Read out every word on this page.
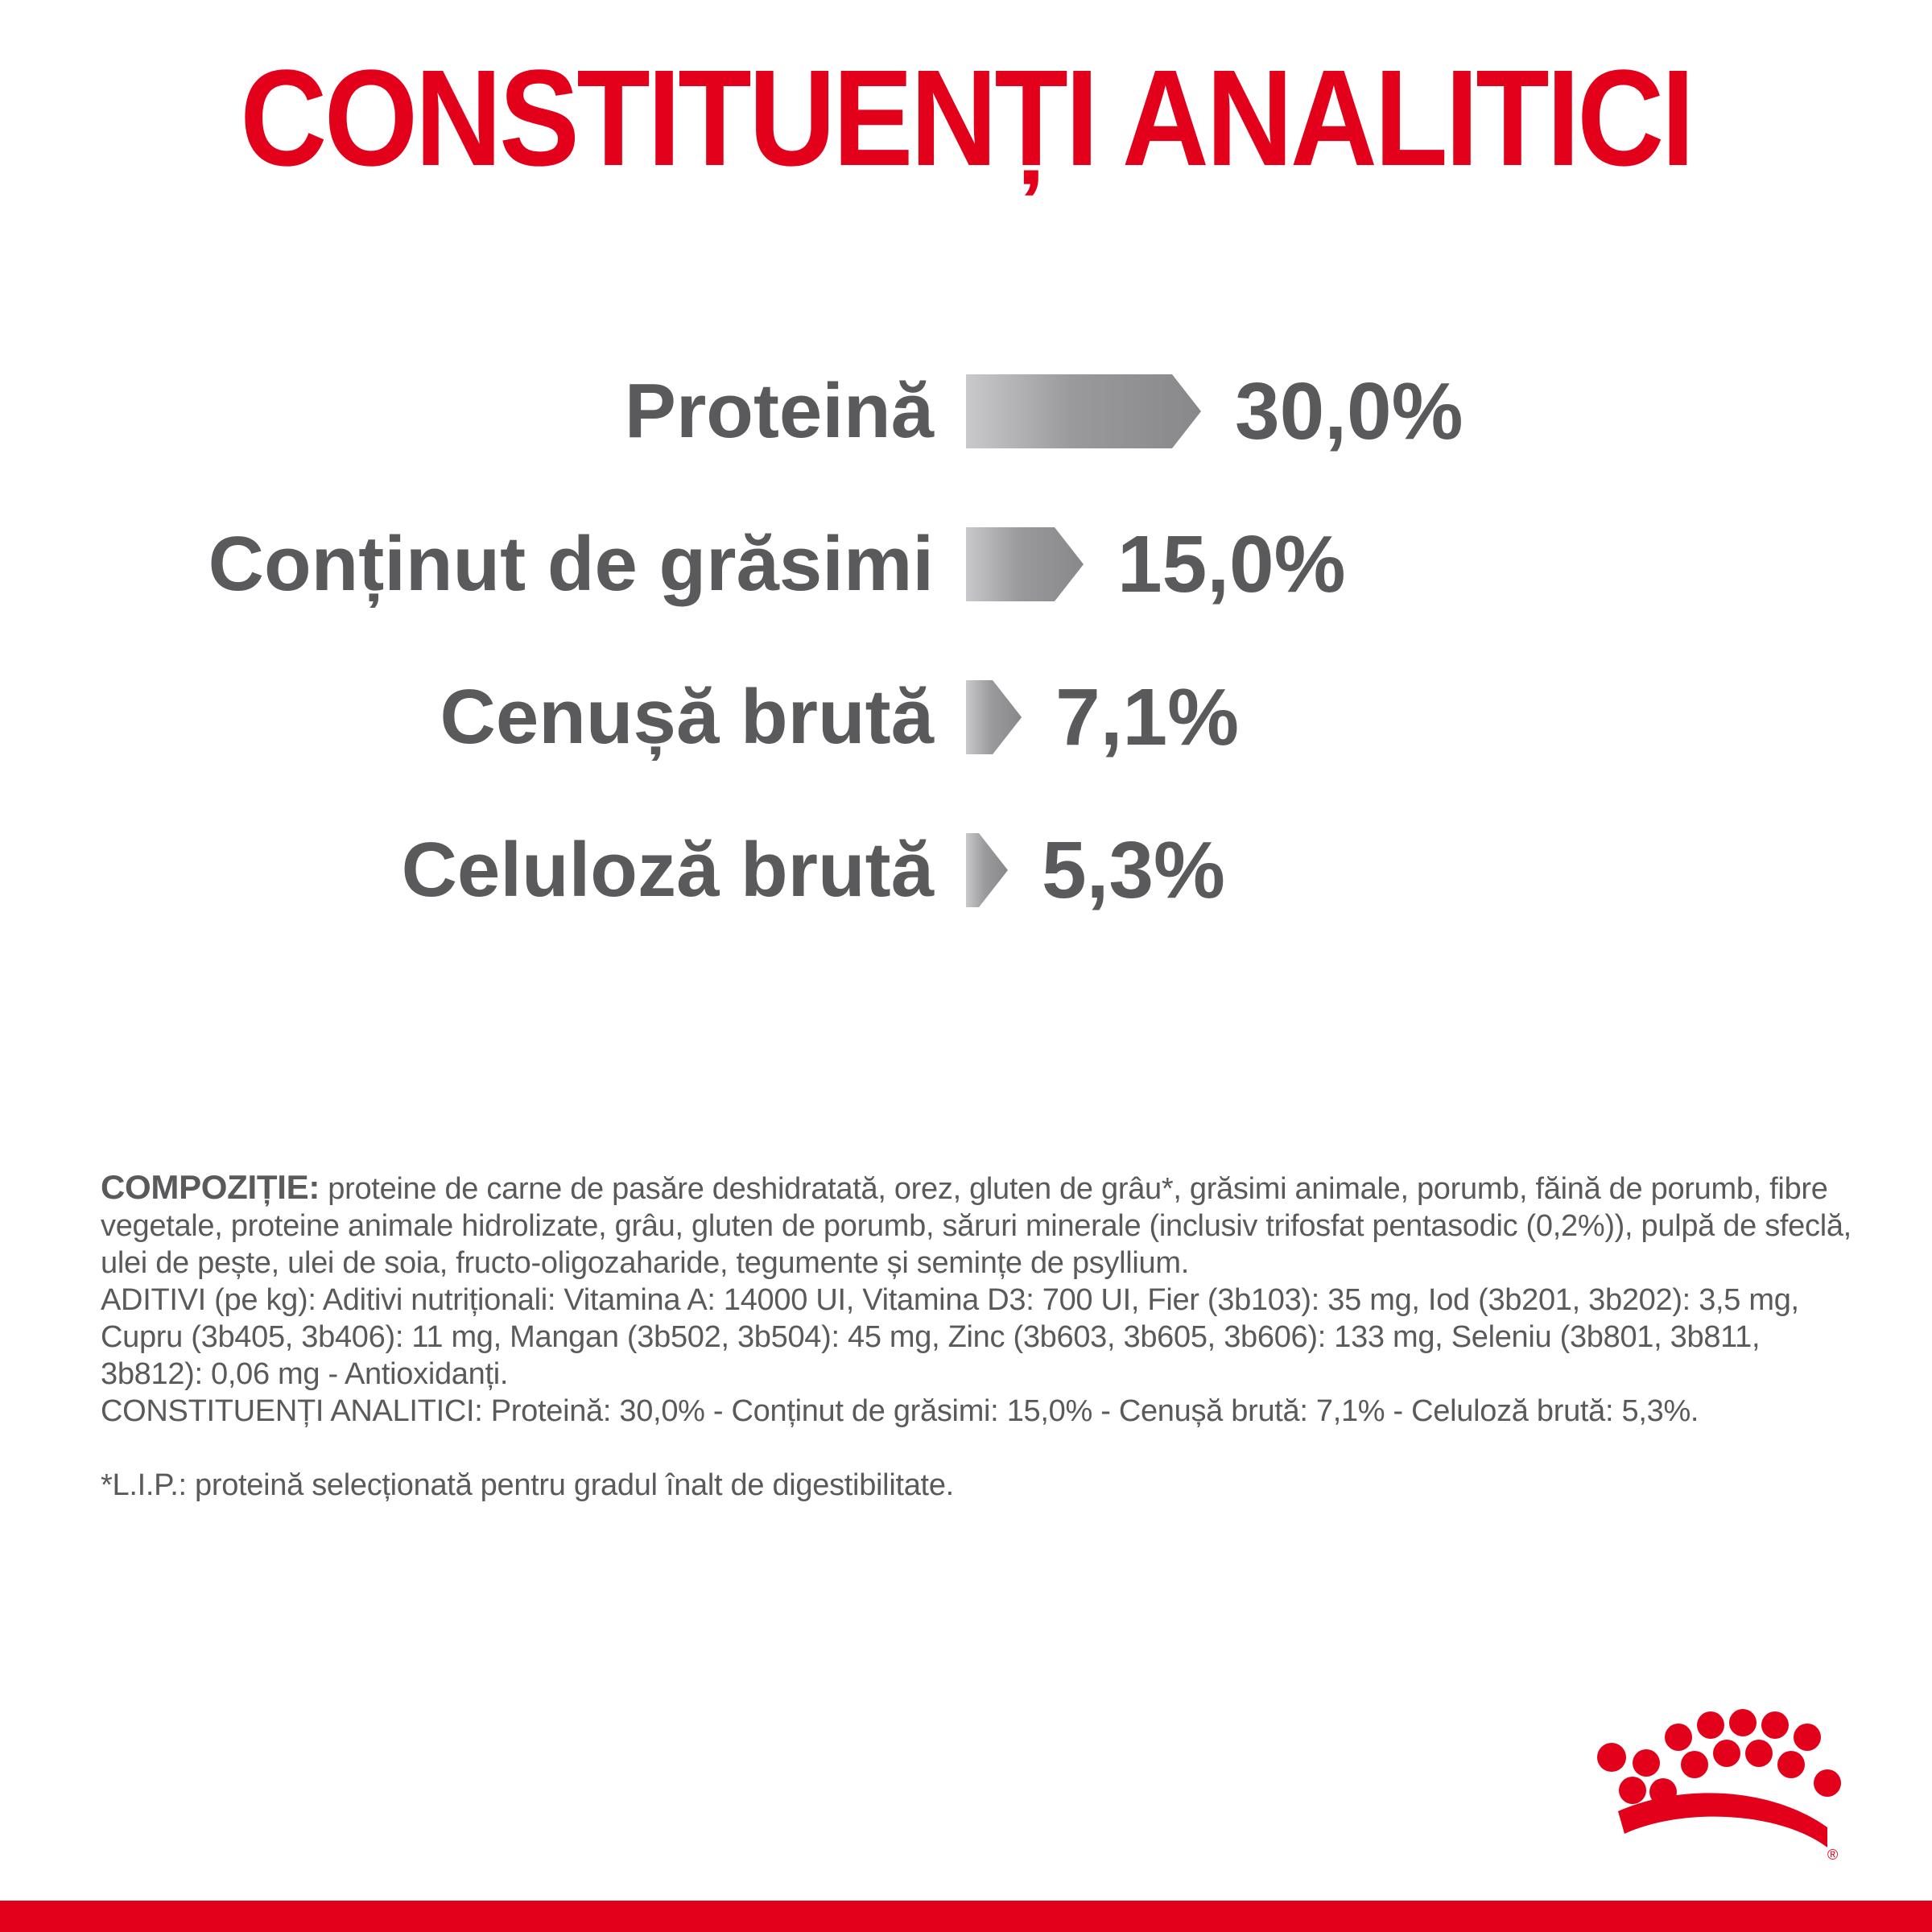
CONSTITUENȚI ANALITICI
Proteină	30,0%
Conținut de grăsimi 15,0%
Cenușă brută 7,1%
Celuloză brută 5,3%

COMPOZIȚIE: proteine de carne de pasăre deshidratată, orez, gluten de grâu*, grăsimi animale, porumb, făină de porumb, fibre vegetale, proteine animale hidrolizate, grâu, gluten de porumb, săruri minerale (inclusiv trifosfat pentasodic (0,2%)), pulpă de sfeclă, ulei de pește, ulei de soia, fructo-oligozaharide, tegumente și semințe de psyllium.

ADITIVI (pe kg): Aditivi nutriționali: Vitamina A: 14000 UI, Vitamina D3: 700 UI, Fier (3b103): 35 mg, Iod (3b201, 3b202): 3,5 mg, Cupru (3b405, 3b406): 11 mg, Mangan (3b502, 3b504): 45 mg, Zinc (3b603, 3b605, 3b606): 133 mg, Seleniu (3b801, 3b811, 3b812): 0,06 mg - Antioxidanți.

CONSTITUENȚI ANALITICI: Proteină: 30,0% - Conținut de grăsimi: 15,0% - Cenușă brută: 7,1% - Celuloză brută: 5,3%.

*L.I.P.: proteină selecționată pentru gradul înalt de digestibilitate.

®
